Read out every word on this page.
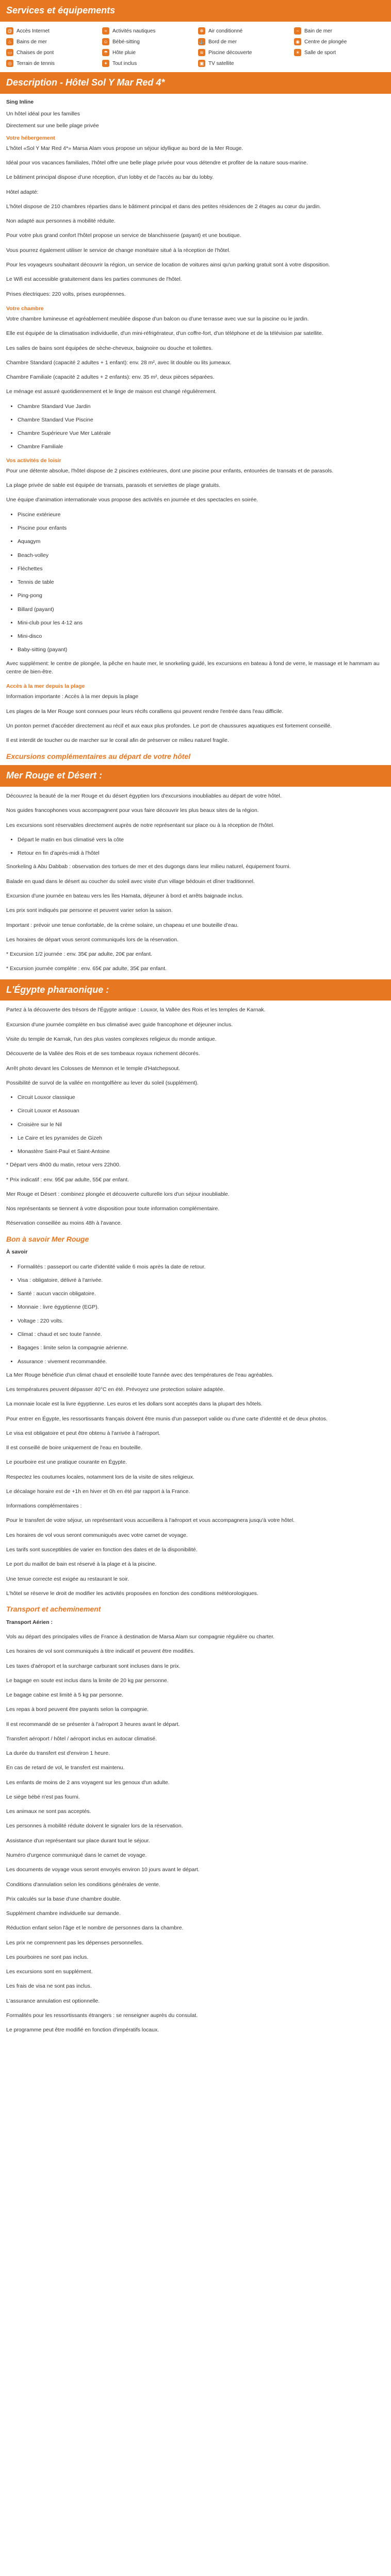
Services et équipements
@ Accès Internet	≈	Activités nautiques	❄ Air conditionné	~	Bain de mer
♨ Bains de mer	☺ Bébé-sitting	⚓ Bord de mer	◉ Centre de plongée
▭ Chaises de pont	☂ Hôte pluie	≋ Piscine découverte	☀ Salle de sport
◎ Terrain de tennis	✦ Tout inclus	▣ TV satellite
Description - Hôtel Sol Y Mar Red 4*

Sing Inline

Un hôtel idéal pour les familles

Directement sur une belle plage privée

Votre hébergement

L'hôtel «Sol Y Mar Red 4*» Marsa Alam vous propose un séjour idyllique au bord de la Mer Rouge.

Idéal pour vos vacances familiales, l'hôtel offre une belle plage privée pour vous détendre et profiter de la nature sous-marine.

Le bâtiment principal dispose d'une réception, d'un lobby et de l'accès au bar du lobby.

Hôtel adapté:

L'hôtel dispose de 210 chambres réparties dans le bâtiment principal et dans des petites résidences de 2 étages au cœur du jardin.

Non adapté aux personnes à mobilité réduite.

Pour votre plus grand confort l'hôtel propose un service de blanchisserie (payant) et une boutique.

Vous pourrez également utiliser le service de change monétaire situé à la réception de l'hôtel.

Pour les voyageurs souhaitant découvrir la région, un service de location de voitures ainsi qu'un parking gratuit sont à votre disposition.

Le Wifi est accessible gratuitement dans les parties communes de l'hôtel.

Prises électriques: 220 volts, prises européennes.

Votre chambre

Votre chambre lumineuse et agréablement meublée dispose d'un balcon ou d'une terrasse avec vue sur la piscine ou le jardin.

Elle est équipée de la climatisation individuelle, d'un mini-réfrigérateur, d'un coffre-fort, d'un téléphone et de la télévision par satellite.

Les salles de bains sont équipées de sèche-cheveux, baignoire ou douche et toilettes.

Chambre Standard (capacité 2 adultes + 1 enfant): env. 28 m², avec lit double ou lits jumeaux.

Chambre Familiale (capacité 2 adultes + 2 enfants): env. 35 m², deux pièces séparées.

Le ménage est assuré quotidiennement et le linge de maison est changé régulièrement.

• Chambre Standard Vue Jardin
• Chambre Standard Vue Piscine
• Chambre Supérieure Vue Mer Latérale
• Chambre Familiale
Vos activités de loisir

Pour une détente absolue, l'hôtel dispose de 2 piscines extérieures, dont une piscine pour enfants, entourées de transats et de parasols.

La plage privée de sable est équipée de transats, parasols et serviettes de plage gratuits.

Une équipe d'animation internationale vous propose des activités en journée et des spectacles en soirée.

• Piscine extérieure
• Piscine pour enfants
• Aquagym
• Beach-volley
• Fléchettes
• Tennis de table
• Ping-pong
• Billard (payant)
• Mini-club pour les 4-12 ans
• Mini-disco
• Baby-sitting (payant)

Avec supplément: le centre de plongée, la pêche en haute mer, le snorkeling guidé, les excursions en bateau à fond de verre, le massage et le hammam au centre de bien-être.

Accès à la mer depuis la plage

Information importante : Accès à la mer depuis la plage

Les plages de la Mer Rouge sont connues pour leurs récifs coralliens qui peuvent rendre l'entrée dans l'eau difficile.

Un ponton permet d'accéder directement au récif et aux eaux plus profondes. Le port de chaussures aquatiques est fortement conseillé.

Il est interdit de toucher ou de marcher sur le corail afin de préserver ce milieu naturel fragile.

Excursions complémentaires au départ de votre hôtel
Mer Rouge et Désert :

Découvrez la beauté de la mer Rouge et du désert égyptien lors d'excursions inoubliables au départ de votre hôtel.

Nos guides francophones vous accompagnent pour vous faire découvrir les plus beaux sites de la région.

Les excursions sont réservables directement auprès de notre représentant sur place ou à la réception de l'hôtel.

• Départ le matin en bus climatisé vers la côte
• Retour en fin d'après-midi à l'hôtel

Snorkeling à Abu Dabbab : observation des tortues de mer et des dugongs dans leur milieu naturel, équipement fourni.

Balade en quad dans le désert au coucher du soleil avec visite d'un village bédouin et dîner traditionnel.

Excursion d'une journée en bateau vers les îles Hamata, déjeuner à bord et arrêts baignade inclus.

Les prix sont indiqués par personne et peuvent varier selon la saison.

Important : prévoir une tenue confortable, de la crème solaire, un chapeau et une bouteille d'eau.

Les horaires de départ vous seront communiqués lors de la réservation.

* Excursion 1/2 journée : env. 35€ par adulte, 20€ par enfant.

* Excursion journée complète : env. 65€ par adulte, 35€ par enfant.

L'Égypte pharaonique :

Partez à la découverte des trésors de l'Égypte antique : Louxor, la Vallée des Rois et les temples de Karnak.

Excursion d'une journée complète en bus climatisé avec guide francophone et déjeuner inclus.

Visite du temple de Karnak, l'un des plus vastes complexes religieux du monde antique.

Découverte de la Vallée des Rois et de ses tombeaux royaux richement décorés.

Arrêt photo devant les Colosses de Memnon et le temple d'Hatchepsout.

Possibilité de survol de la vallée en montgolfière au lever du soleil (supplément).

• Circuit Louxor classique
• Circuit Louxor et Assouan
• Croisière sur le Nil
• Le Caire et les pyramides de Gizeh
• Monastère Saint-Paul et Saint-Antoine

* Départ vers 4h00 du matin, retour vers 22h00.

* Prix indicatif : env. 95€ par adulte, 55€ par enfant.

Mer Rouge et Désert : combinez plongée et découverte culturelle lors d'un séjour inoubliable.

Nos représentants se tiennent à votre disposition pour toute information complémentaire.

Réservation conseillée au moins 48h à l'avance.

Bon à savoir Mer Rouge

À savoir

• Formalités : passeport ou carte d'identité valide 6 mois après la date de retour.
• Visa : obligatoire, délivré à l'arrivée.
• Santé : aucun vaccin obligatoire.
• Monnaie : livre égyptienne (EGP).
• Voltage : 220 volts.
• Climat : chaud et sec toute l'année.
• Bagages : limite selon la compagnie aérienne.
• Assurance : vivement recommandée.

La Mer Rouge bénéficie d'un climat chaud et ensoleillé toute l'année avec des températures de l'eau agréables.

Les températures peuvent dépasser 40°C en été. Prévoyez une protection solaire adaptée.

La monnaie locale est la livre égyptienne. Les euros et les dollars sont acceptés dans la plupart des hôtels.

Pour entrer en Égypte, les ressortissants français doivent être munis d'un passeport valide ou d'une carte d'identité et de deux photos.

Le visa est obligatoire et peut être obtenu à l'arrivée à l'aéroport.

Il est conseillé de boire uniquement de l'eau en bouteille.

Le pourboire est une pratique courante en Égypte.

Respectez les coutumes locales, notamment lors de la visite de sites religieux.

Le décalage horaire est de +1h en hiver et 0h en été par rapport à la France.

Informations complémentaires :

Pour le transfert de votre séjour, un représentant vous accueillera à l'aéroport et vous accompagnera jusqu'à votre hôtel.

Les horaires de vol vous seront communiqués avec votre carnet de voyage.

Les tarifs sont susceptibles de varier en fonction des dates et de la disponibilité.

Le port du maillot de bain est réservé à la plage et à la piscine.

Une tenue correcte est exigée au restaurant le soir.

L'hôtel se réserve le droit de modifier les activités proposées en fonction des conditions météorologiques.

Transport et acheminement

Transport Aérien :

Vols au départ des principales villes de France à destination de Marsa Alam sur compagnie régulière ou charter.

Les horaires de vol sont communiqués à titre indicatif et peuvent être modifiés.

Les taxes d'aéroport et la surcharge carburant sont incluses dans le prix.

Le bagage en soute est inclus dans la limite de 20 kg par personne.

Le bagage cabine est limité à 5 kg par personne.

Les repas à bord peuvent être payants selon la compagnie.

Il est recommandé de se présenter à l'aéroport 3 heures avant le départ.

Transfert aéroport / hôtel / aéroport inclus en autocar climatisé.

La durée du transfert est d'environ 1 heure.

En cas de retard de vol, le transfert est maintenu.

Les enfants de moins de 2 ans voyagent sur les genoux d'un adulte.

Le siège bébé n'est pas fourni.

Les animaux ne sont pas acceptés.

Les personnes à mobilité réduite doivent le signaler lors de la réservation.

Assistance d'un représentant sur place durant tout le séjour.

Numéro d'urgence communiqué dans le carnet de voyage.

Les documents de voyage vous seront envoyés environ 10 jours avant le départ.

Conditions d'annulation selon les conditions générales de vente.

Prix calculés sur la base d'une chambre double.

Supplément chambre individuelle sur demande.

Réduction enfant selon l'âge et le nombre de personnes dans la chambre.

Les prix ne comprennent pas les dépenses personnelles.

Les pourboires ne sont pas inclus.

Les excursions sont en supplément.

Les frais de visa ne sont pas inclus.

L'assurance annulation est optionnelle.

Formalités pour les ressortissants étrangers : se renseigner auprès du consulat.

Le programme peut être modifié en fonction d'impératifs locaux.
